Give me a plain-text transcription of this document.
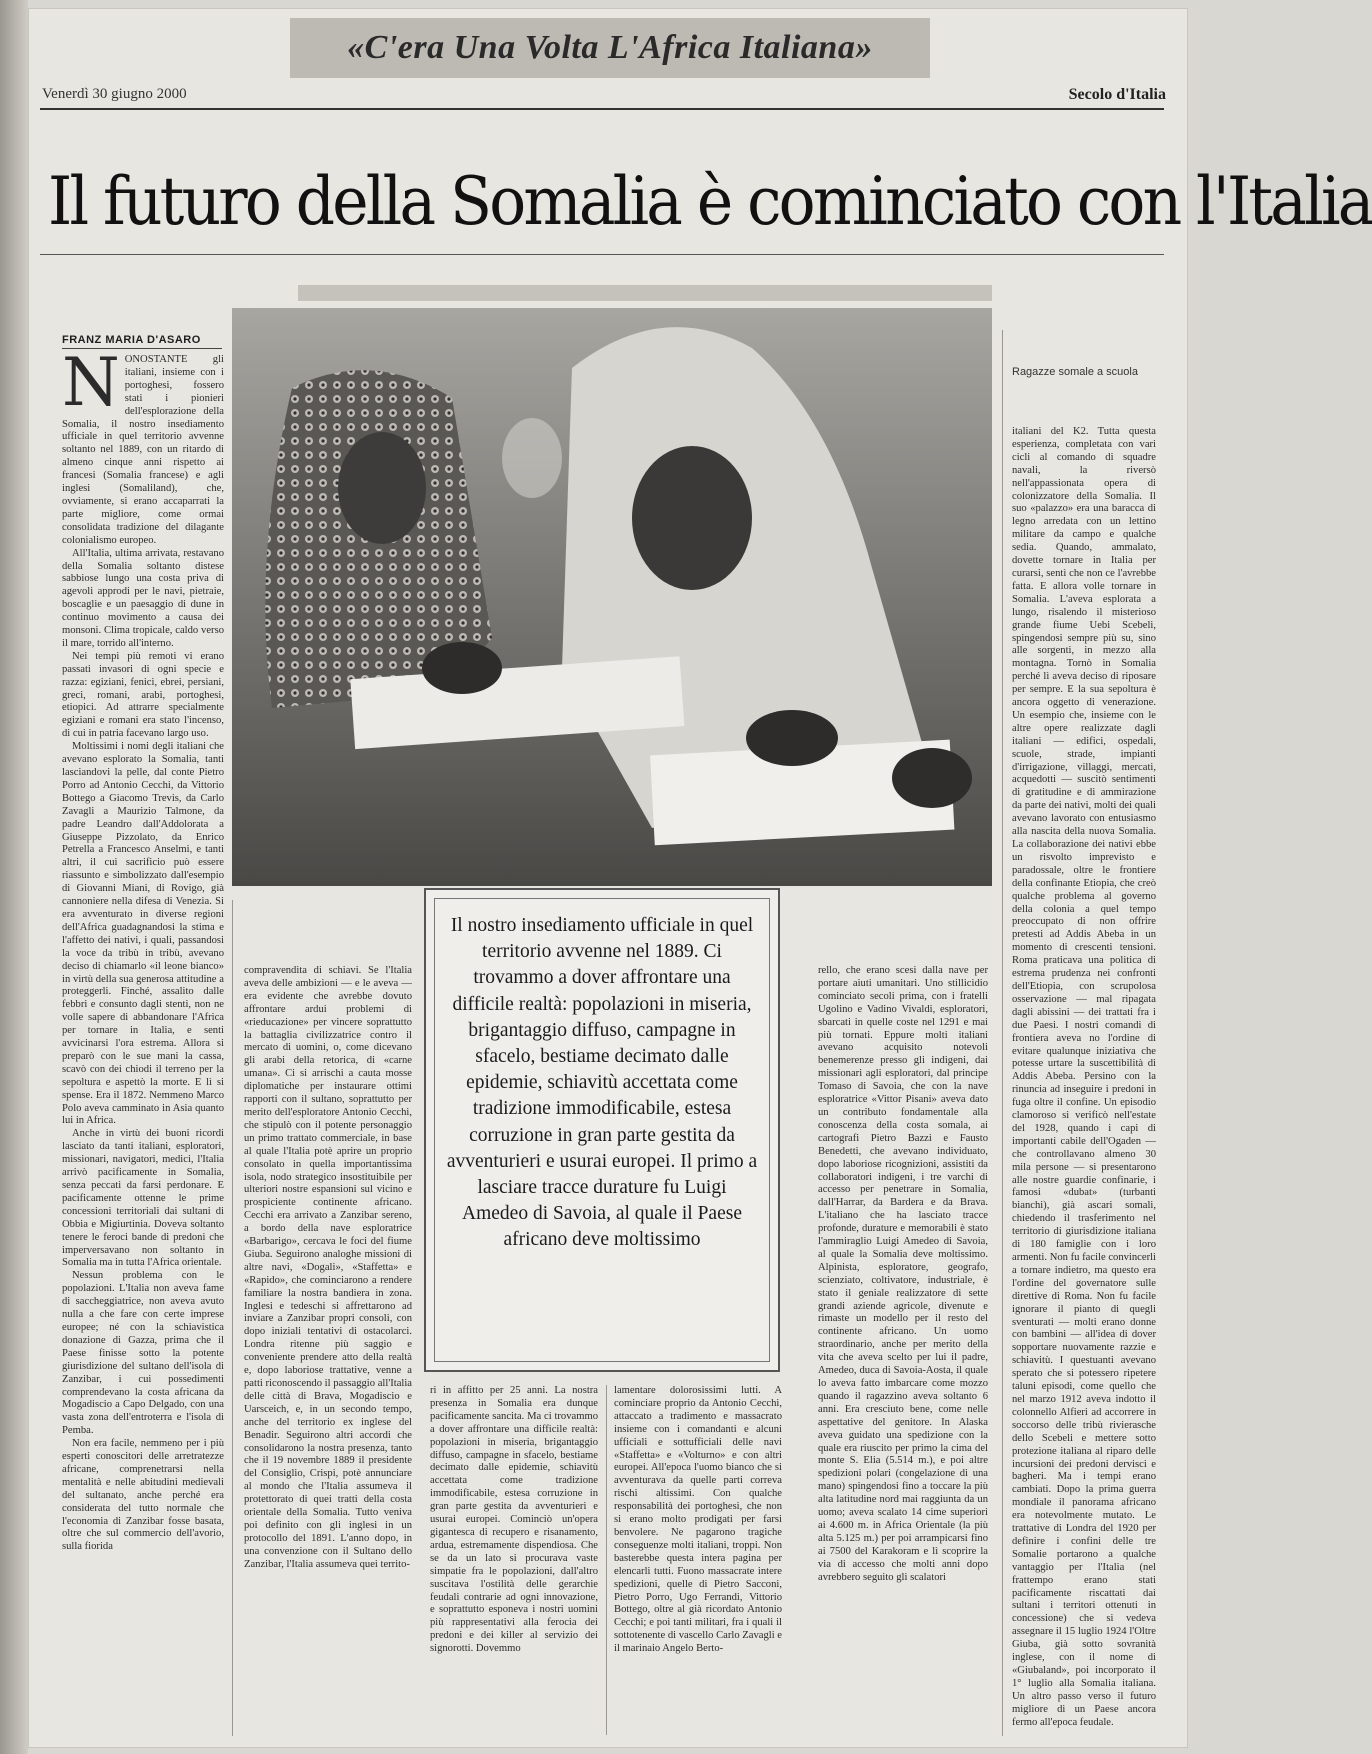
«C'era Una Volta L'Africa Italiana»
Venerdì 30 giugno 2000	Secolo d'Italia
Il futuro della Somalia è cominciato con l'Italia
FRANZ MARIA D'ASARO

NONOSTANTE gli italiani, insieme con i portoghesi, fossero stati i pionieri dell'esplorazione della Somalia, il nostro insediamento ufficiale in quel territorio avvenne soltanto nel 1889, con un ritardo di almeno cinque anni rispetto ai francesi (Somalia francese) e agli inglesi (Somaliland), che, ovviamente, si erano accaparrati la parte migliore, come ormai consolidata tradizione del dilagante colonialismo europeo.

All'Italia, ultima arrivata, restavano della Somalia soltanto distese sabbiose lungo una costa priva di agevoli approdi per le navi, pietraie, boscaglie e un paesaggio di dune in continuo movimento a causa dei monsoni. Clima tropicale, caldo verso il mare, torrido all'interno.

Nei tempi più remoti vi erano passati invasori di ogni specie e razza: egiziani, fenici, ebrei, persiani, greci, romani, arabi, portoghesi, etiopici. Ad attrarre specialmente egiziani e romani era stato l'incenso, di cui in patria facevano largo uso.

Moltissimi i nomi degli italiani che avevano esplorato la Somalia, tanti lasciandovi la pelle, dal conte Pietro Porro ad Antonio Cecchi, da Vittorio Bottego a Giacomo Trevis, da Carlo Zavagli a Maurizio Talmone, da padre Leandro dall'Addolorata a Giuseppe Pizzolato, da Enrico Petrella a Francesco Anselmi, e tanti altri, il cui sacrificio può essere riassunto e simbolizzato dall'esempio di Giovanni Miani, di Rovigo, già cannoniere nella difesa di Venezia. Si era avventurato in diverse regioni dell'Africa guadagnandosi la stima e l'affetto dei nativi, i quali, passandosi la voce da tribù in tribù, avevano deciso di chiamarlo «il leone bianco» in virtù della sua generosa attitudine a proteggerli. Finché, assalito dalle febbri e consunto dagli stenti, non ne volle sapere di abbandonare l'Africa per tornare in Italia, e senti avvicinarsi l'ora estrema. Allora si preparò con le sue mani la cassa, scavò con dei chiodi il terreno per la sepoltura e aspettò la morte. E lì si spense. Era il 1872. Nemmeno Marco Polo aveva camminato in Asia quanto lui in Africa.

Anche in virtù dei buoni ricordi lasciato da tanti italiani, esploratori, missionari, navigatori, medici, l'Italia arrivò pacificamente in Somalia, senza peccati da farsi perdonare. E pacificamente ottenne le prime concessioni territoriali dai sultani di Obbia e Migiurtinia. Doveva soltanto tenere le feroci bande di predoni che imperversavano non soltanto in Somalia ma in tutta l'Africa orientale.

Nessun problema con le popolazioni. L'Italia non aveva fame di saccheggiatrice, non aveva avuto nulla a che fare con certe imprese europee; né con la schiavistica donazione di Gazza, prima che il Paese finisse sotto la potente giurisdizione del sultano dell'isola di Zanzibar, i cui possedimenti comprendevano la costa africana da Mogadiscio a Capo Delgado, con una vasta zona dell'entroterra e l'isola di Pemba.

Non era facile, nemmeno per i più esperti conoscitori delle arretratezze africane, comprenetrarsi nella mentalità e nelle abitudini medievali del sultanato, anche perché era considerata del tutto normale che l'economia di Zanzibar fosse basata, oltre che sul commercio dell'avorio, sulla fiorida

Ragazze somale a scuola

italiani del K2. Tutta questa esperienza, completata con vari cicli al comando di squadre navali, la riversò nell'appassionata opera di colonizzatore della Somalia. Il suo «palazzo» era una baracca di legno arredata con un lettino militare da campo e qualche sedia. Quando, ammalato, dovette tornare in Italia per curarsi, sentì che non ce l'avrebbe fatta. E allora volle tornare in Somalia. L'aveva esplorata a lungo, risalendo il misterioso grande fiume Uebi Scebeli, spingendosi sempre più su, sino alle sorgenti, in mezzo alla montagna. Tornò in Somalia perché lì aveva deciso di riposare per sempre. E la sua sepoltura è ancora oggetto di venerazione. Un esempio che, insieme con le altre opere realizzate dagli italiani — edifici, ospedali, scuole, strade, impianti d'irrigazione, villaggi, mercati, acquedotti — suscitò sentimenti di gratitudine e di ammirazione da parte dei nativi, molti dei quali avevano lavorato con entusiasmo alla nascita della nuova Somalia. La collaborazione dei nativi ebbe un risvolto imprevisto e paradossale, oltre le frontiere della confinante Etiopia, che creò qualche problema al governo della colonia a quel tempo preoccupato di non offrire pretesti ad Addis Abeba in un momento di crescenti tensioni. Roma praticava una politica di estrema prudenza nei confronti dell'Etiopia, con scrupolosa osservazione — mal ripagata dagli abissini — dei trattati fra i due Paesi. I nostri comandi di frontiera aveva no l'ordine di evitare qualunque iniziativa che potesse urtare la suscettibilità di Addis Abeba. Persino con la rinuncia ad inseguire i predoni in fuga oltre il confine. Un episodio clamoroso si verificò nell'estate del 1928, quando i capi di importanti cabile dell'Ogaden — che controllavano almeno 30 mila persone — si presentarono alle nostre guardie confinarie, i famosi «dubat» (turbanti bianchi), già ascari somali, chiedendo il trasferimento nel territorio di giurisdizione italiana di 180 famiglie con i loro armenti. Non fu facile convincerli a tornare indietro, ma questo era l'ordine del governatore sulle direttive di Roma. Non fu facile ignorare il pianto di quegli sventurati — molti erano donne con bambini — all'idea di dover sopportare nuovamente razzie e schiavitù. I questuanti avevano sperato che si potessero ripetere taluni episodi, come quello che nel marzo 1912 aveva indotto il colonnello Alfieri ad accorrere in soccorso delle tribù rivierasche dello Scebeli e mettere sotto protezione italiana al riparo delle incursioni dei predoni dervisci e bagheri. Ma i tempi erano cambiati. Dopo la prima guerra mondiale il panorama africano era notevolmente mutato. Le trattative di Londra del 1920 per definire i confini delle tre Somalie portarono a qualche vantaggio per l'Italia (nel frattempo erano stati pacificamente riscattati dai sultani i territori ottenuti in concessione) che si vedeva assegnare il 15 luglio 1924 l'Oltre Giuba, già sotto sovranità inglese, con il nome di «Giubaland», poi incorporato il 1° luglio alla Somalia italiana. Un altro passo verso il futuro migliore di un Paese ancora fermo all'epoca feudale.

compravendita di schiavi. Se l'Italia aveva delle ambizioni — e le aveva — era evidente che avrebbe dovuto affrontare ardui problemi di «rieducazione» per vincere soprattutto la battaglia civilizzatrice contro il mercato di uomini, o, come dicevano gli arabi della retorica, di «carne umana». Ci si arrischi a cauta mosse diplomatiche per instaurare ottimi rapporti con il sultano, soprattutto per merito dell'esploratore Antonio Cecchi, che stipulò con il potente personaggio un primo trattato commerciale, in base al quale l'Italia potè aprire un proprio consolato in quella importantissima isola, nodo strategico insostituibile per ulteriori nostre espansioni sul vicino e prospiciente continente africano. Cecchi era arrivato a Zanzibar sereno, a bordo della nave esploratrice «Barbarigo», cercava le foci del fiume Giuba. Seguirono analoghe missioni di altre navi, «Dogali», «Staffetta» e «Rapido», che cominciarono a rendere familiare la nostra bandiera in zona. Inglesi e tedeschi si affrettarono ad inviare a Zanzibar propri consoli, con dopo iniziali tentativi di ostacolarci. Londra ritenne più saggio e conveniente prendere atto della realtà e, dopo laboriose trattative, venne a patti riconoscendo il passaggio all'Italia delle città di Brava, Mogadiscio e Uarsceich, e, in un secondo tempo, anche del territorio ex inglese del Benadir. Seguirono altri accordi che consolidarono la nostra presenza, tanto che il 19 novembre 1889 il presidente del Consiglio, Crispi, potè annunciare al mondo che l'Italia assumeva il protettorato di quei tratti della costa orientale della Somalia. Tutto veniva poi definito con gli inglesi in un protocollo del 1891. L'anno dopo, in una convenzione con il Sultano dello Zanzibar, l'Italia assumeva quei territo-

Il nostro insediamento ufficiale in quel territorio avvenne nel 1889. Ci trovammo a dover affrontare una difficile realtà: popolazioni in miseria, brigantaggio diffuso, campagne in sfacelo, bestiame decimato dalle epidemie, schiavitù accettata come tradizione immodificabile, estesa corruzione in gran parte gestita da avventurieri e usurai europei. Il primo a lasciare tracce durature fu Luigi Amedeo di Savoia, al quale il Paese africano deve moltissimo

rello, che erano scesi dalla nave per portare aiuti umanitari. Uno stillicidio cominciato secoli prima, con i fratelli Ugolino e Vadino Vivaldi, esploratori, sbarcati in quelle coste nel 1291 e mai più tornati. Eppure molti italiani avevano acquisito notevoli benemerenze presso gli indigeni, dai missionari agli esploratori, dal principe Tomaso di Savoia, che con la nave esploratrice «Vittor Pisani» aveva dato un contributo fondamentale alla conoscenza della costa somala, ai cartografi Pietro Bazzi e Fausto Benedetti, che avevano individuato, dopo laboriose ricognizioni, assistiti da collaboratori indigeni, i tre varchi di accesso per penetrare in Somalia, dall'Harrar, da Bardera e da Brava. L'italiano che ha lasciato tracce profonde, durature e memorabili è stato l'ammiraglio Luigi Amedeo di Savoia, al quale la Somalia deve moltissimo. Alpinista, esploratore, geografo, scienziato, coltivatore, industriale, è stato il geniale realizzatore di sette grandi aziende agricole, divenute e rimaste un modello per il resto del continente africano. Un uomo straordinario, anche per merito della vita che aveva scelto per lui il padre, Amedeo, duca di Savoia-Aosta, il quale lo aveva fatto imbarcare come mozzo quando il ragazzino aveva soltanto 6 anni. Era cresciuto bene, come nelle aspettative del genitore. In Alaska aveva guidato una spedizione con la quale era riuscito per primo la cima del monte S. Elia (5.514 m.), e poi altre spedizioni polari (congelazione di una mano) spingendosi fino a toccare la più alta latitudine nord mai raggiunta da un uomo; aveva scalato 14 cime superiori ai 4.600 m. in Africa Orientale (la più alta 5.125 m.) per poi arrampicarsi fino ai 7500 del Karakoram e lì scoprire la via di accesso che molti anni dopo avrebbero seguito gli scalatori

ri in affitto per 25 anni. La nostra presenza in Somalia era dunque pacificamente sancita. Ma ci trovammo a dover affrontare una difficile realtà: popolazioni in miseria, brigantaggio diffuso, campagne in sfacelo, bestiame decimato dalle epidemie, schiavitù accettata come tradizione immodificabile, estesa corruzione in gran parte gestita da avventurieri e usurai europei. Cominciò un'opera gigantesca di recupero e risanamento, ardua, estremamente dispendiosa. Che se da un lato si procurava vaste simpatie fra le popolazioni, dall'altro suscitava l'ostilità delle gerarchie feudali contrarie ad ogni innovazione, e soprattutto esponeva i nostri uomini più rappresentativi alla ferocia dei predoni e dei killer al servizio dei signorotti. Dovemmo

lamentare dolorosissimi lutti. A cominciare proprio da Antonio Cecchi, attaccato a tradimento e massacrato insieme con i comandanti e alcuni ufficiali e sottufficiali delle navi «Staffetta» e «Volturno» e con altri europei. All'epoca l'uomo bianco che si avventurava da quelle parti correva rischi altissimi. Con qualche responsabilità dei portoghesi, che non si erano molto prodigati per farsi benvolere. Ne pagarono tragiche conseguenze molti italiani, troppi. Non basterebbe questa intera pagina per elencarli tutti. Fuono massacrate intere spedizioni, quelle di Pietro Sacconi, Pietro Porro, Ugo Ferrandi, Vittorio Bottego, oltre al già ricordato Antonio Cecchi; e poi tanti militari, fra i quali il sottotenente di vascello Carlo Zavagli e il marinaio Angelo Berto-
